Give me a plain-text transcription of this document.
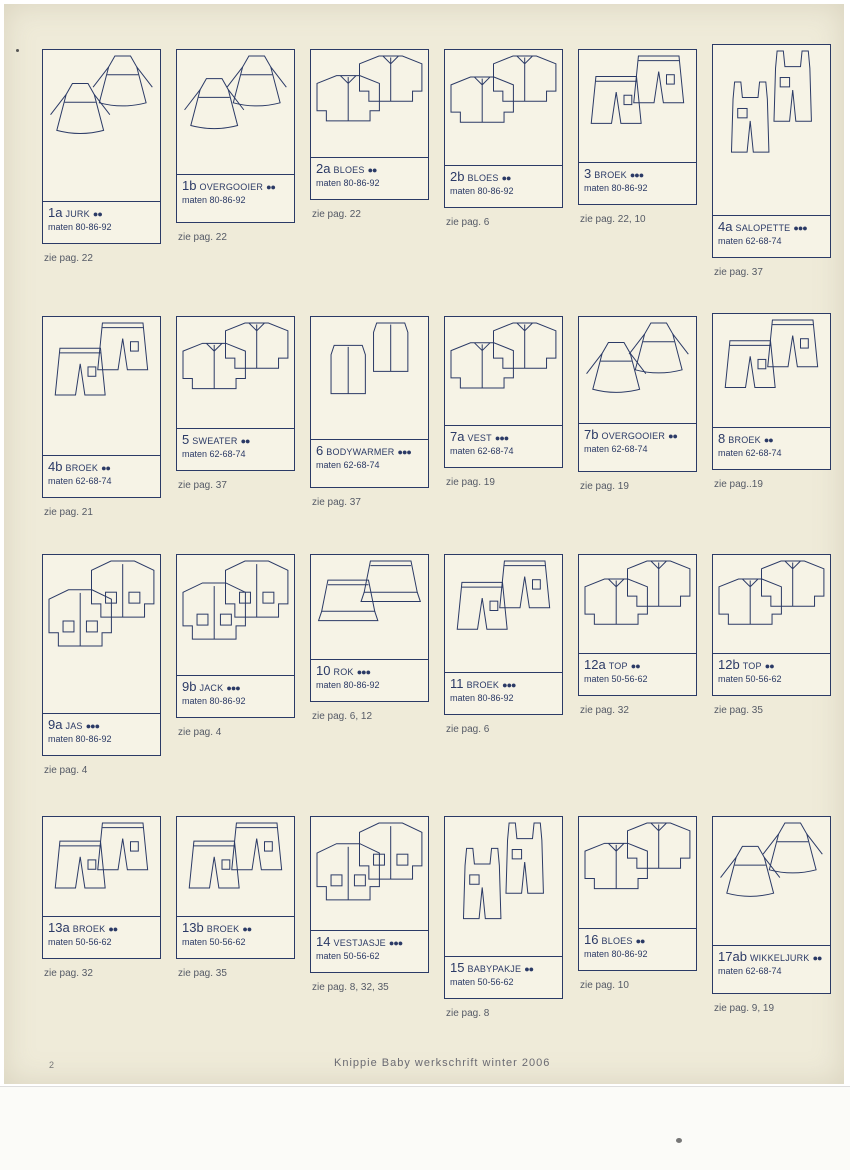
1a JURK ●●
maten 80-86-92
zie pag. 22
1b OVERGOOIER ●●
maten 80-86-92
zie pag. 22
2a BLOES ●●
maten 80-86-92
zie pag. 22
2b BLOES ●●
maten 80-86-92
zie pag. 6
3 BROEK ●●●
maten 80-86-92
zie pag. 22, 10	4a SALOPETTE ●●●
maten 62-68-74
zie pag. 37
4b BROEK ●●
maten 62-68-74
zie pag. 21
5 SWEATER ●●
maten 62-68-74
zie pag. 37
6 BODYWARMER ●●●
maten 62-68-74
zie pag. 37
7a VEST ●●●
maten 62-68-74
zie pag. 19
7b OVERGOOIER ●●
maten 62-68-74
zie pag. 19
8 BROEK ●●
maten 62-68-74
zie pag..19
9a JAS ●●●
maten 80-86-92
zie pag. 4
9b JACK ●●●
maten 80-86-92
zie pag. 4
10 ROK ●●●
maten 80-86-92
zie pag. 6, 12
11 BROEK ●●●
maten 80-86-92
zie pag. 6
12a TOP ●●
maten 50-56-62
zie pag. 32
12b TOP ●●
maten 50-56-62
zie pag. 35
13a BROEK ●●
maten 50-56-62
zie pag. 32
13b BROEK ●●
maten 50-56-62
zie pag. 35
14 VESTJASJE ●●●
maten 50-56-62
zie pag. 8, 32, 35
15 BABYPAKJE ●●
maten 50-56-62
zie pag. 8
16 BLOES ●●
maten 80-86-92
zie pag. 10
17ab WIKKELJURK ●●
maten 62-68-74
zie pag. 9, 19
2	Knippie Baby werkschrift winter 2006
